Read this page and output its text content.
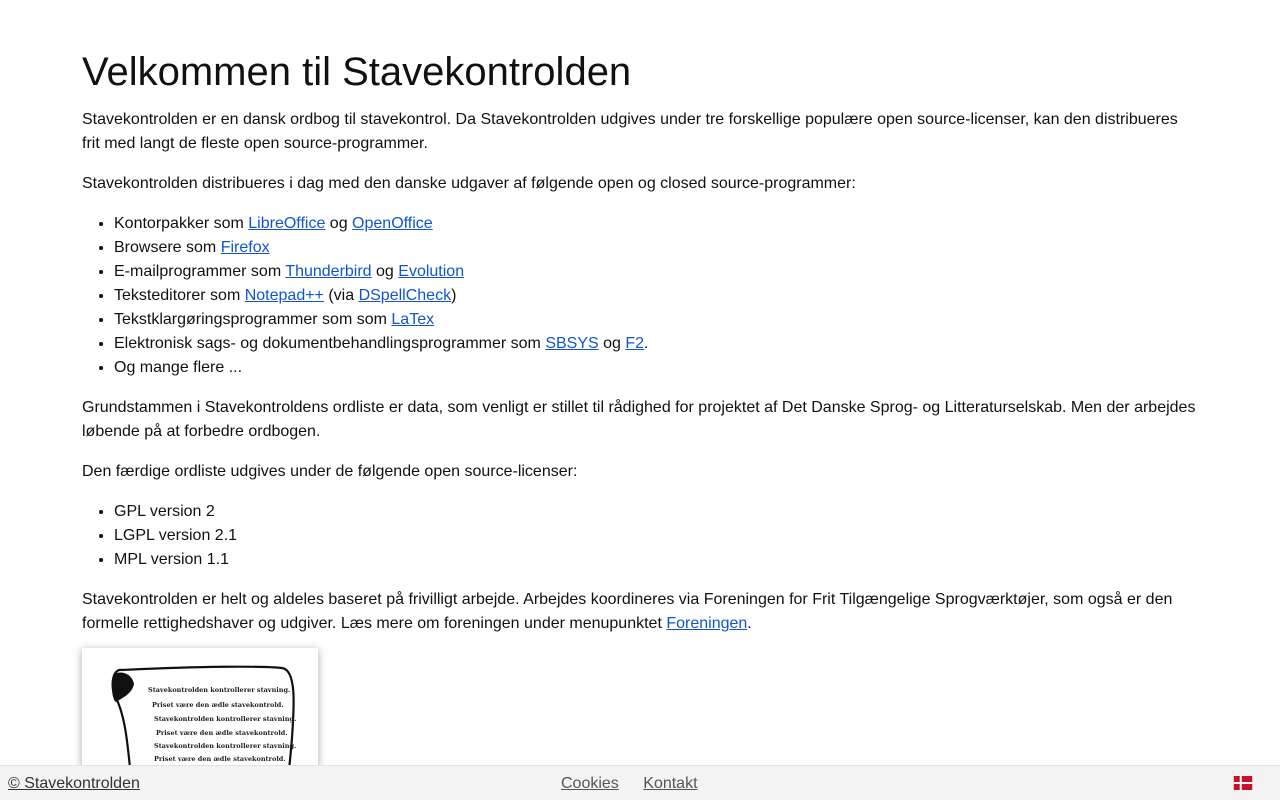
Velkommen til Stavekontrolden

Stavekontrolden er en dansk ordbog til stavekontrol. Da Stavekontrolden udgives under tre forskellige populære open source-licenser, kan den distribueres frit med langt de fleste open source-programmer.

Stavekontrolden distribueres i dag med den danske udgaver af følgende open og closed source-programmer:

• Kontorpakker som LibreOffice og OpenOffice
• Browsere som Firefox
• E-mailprogrammer som Thunderbird og Evolution
• Teksteditorer som Notepad++ (via DSpellCheck)
• Tekstklargøringsprogrammer som som LaTex
• Elektronisk sags- og dokumentbehandlingsprogrammer som SBSYS og F2.
• Og mange flere ...

Grundstammen i Stavekontroldens ordliste er data, som venligt er stillet til rådighed for projektet af Det Danske Sprog- og Litteraturselskab. Men der arbejdes løbende på at forbedre ordbogen.

Den færdige ordliste udgives under de følgende open source-licenser:

• GPL version 2
• LGPL version 2.1
• MPL version 1.1

Stavekontrolden er helt og aldeles baseret på frivilligt arbejde. Arbejdes koordineres via Foreningen for Frit Tilgængelige Sprogværktøjer, som også er den formelle rettighedshaver og udgiver. Læs mere om foreningen under menupunktet Foreningen.

Stavekontrolden kontrollerer stavning.
Priset være den ædle stavekontrold.
Stavekontrolden kontrollerer stavning.
Priset være den ædle stavekontrold.
Stavekontrolden kontrollerer stavning.
Priset være den ædle stavekontrold.
© Stavekontrolden	Cookies Kontakt
